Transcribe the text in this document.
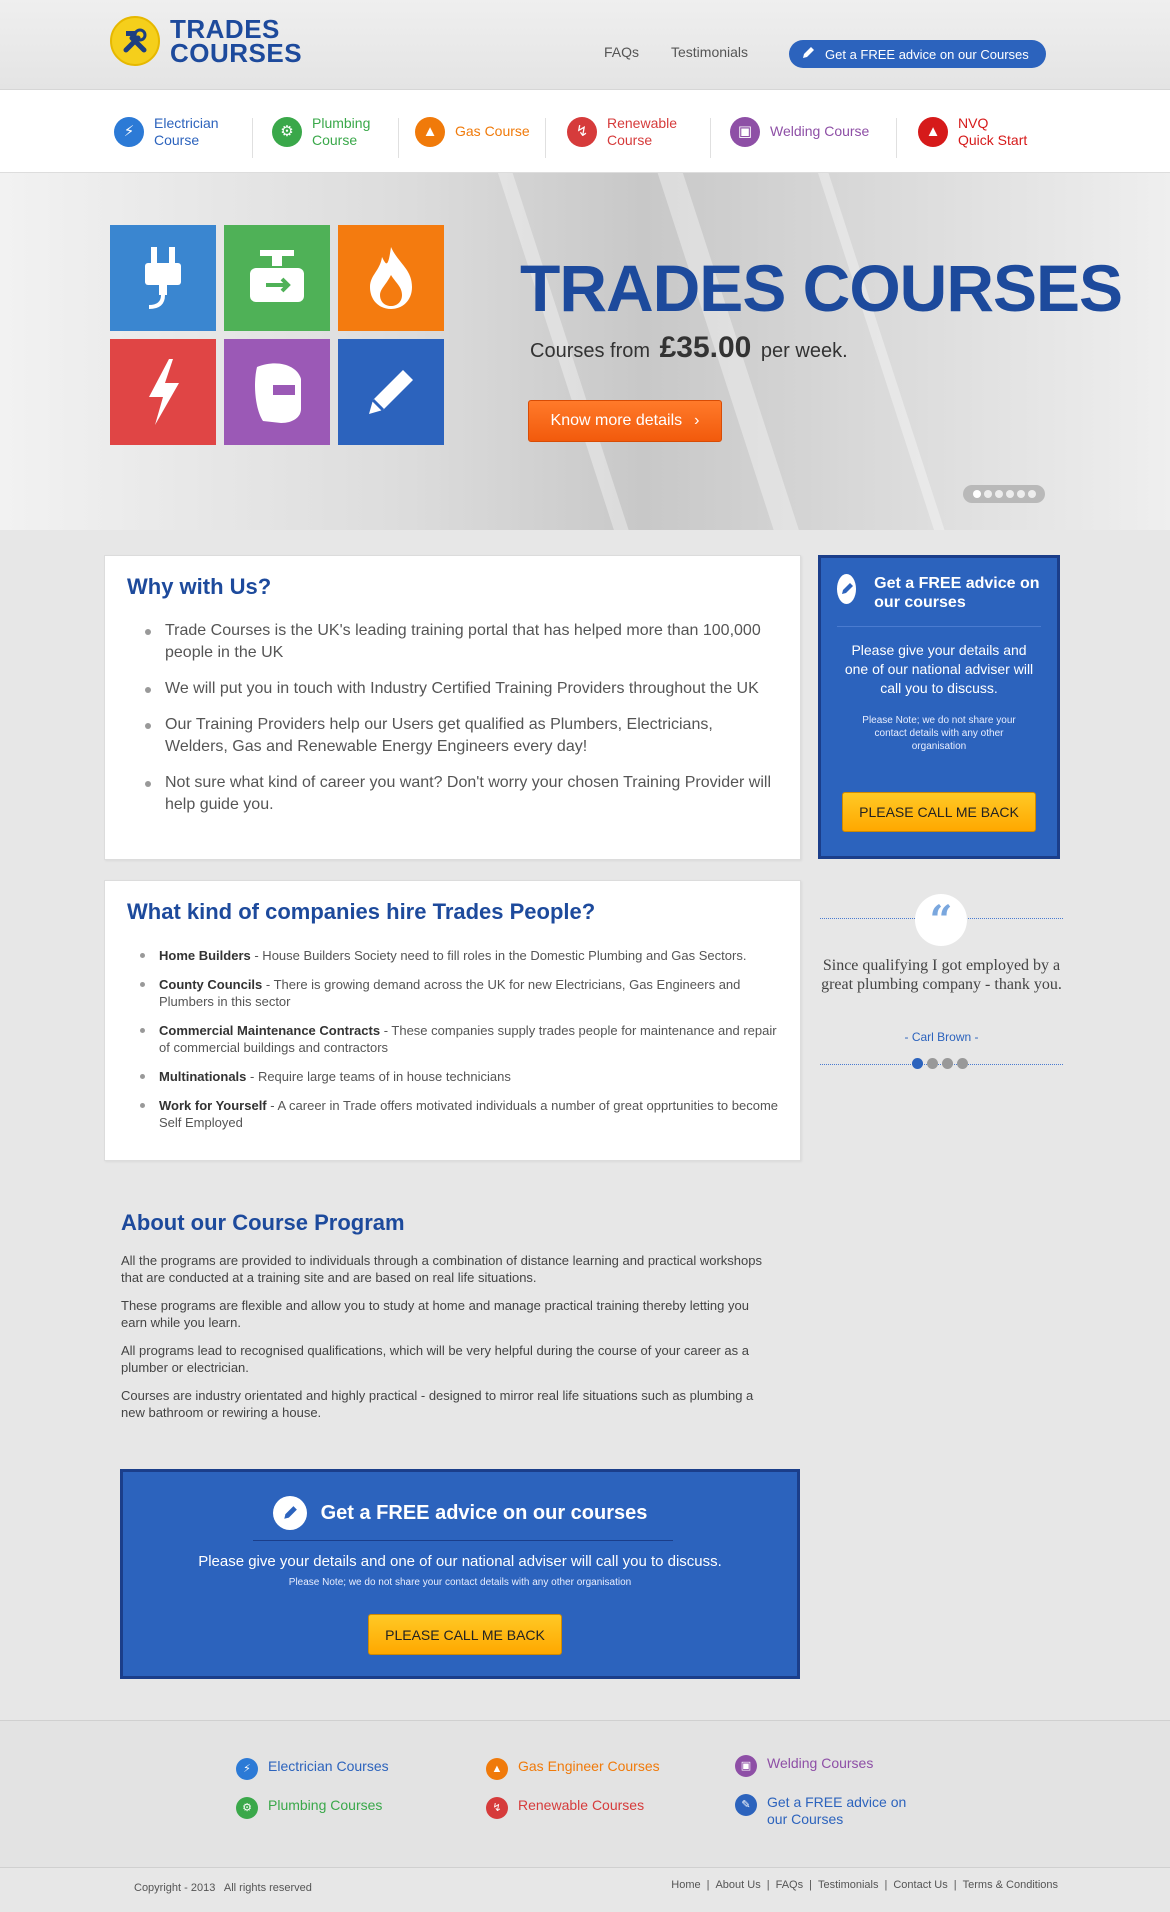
TRADES
COURSES	FAQs Testimonials	Get a FREE advice on our Courses
⚡
Electrician
Course	⚙
Plumbing
Course	▲	Gas Course	↯
Renewable
Course	▣	Welding Course	▲
NVQ
Quick Start
TRADES COURSES
Courses from £35.00 per week.
Know more details ›
Why with Us?
Trade Courses is the UK's leading training portal that has helped more than 100,000 people in the UK
We will put you in touch with Industry Certified Training Providers throughout the UK
Our Training Providers help our Users get qualified as Plumbers, Electricians, Welders, Gas and Renewable Energy Engineers every day!
Not sure what kind of career you want? Don't worry your chosen Training Provider will help guide you.
What kind of companies hire Trades People?
Home Builders - House Builders Society need to fill roles in the Domestic Plumbing and Gas Sectors.
County Councils - There is growing demand across the UK for new Electricians, Gas Engineers and Plumbers in this sector
Commercial Maintenance Contracts - These companies supply trades people for maintenance and repair of commercial buildings and contractors
Multinationals - Require large teams of in house technicians
Work for Yourself - A career in Trade offers motivated individuals a number of great opprtunities to become Self Employed
Get a FREE advice on our courses
Please give your details and one of our national adviser will call you to discuss.
Please Note; we do not share your contact details with any other organisation
PLEASE CALL ME BACK
“
Since qualifying I got employed by a great plumbing company - thank you.
- Carl Brown -
About our Course Program

All the programs are provided to individuals through a combination of distance learning and practical workshops that are conducted at a training site and are based on real life situations.

These programs are flexible and allow you to study at home and manage practical training thereby letting you earn while you learn.

All programs lead to recognised qualifications, which will be very helpful during the course of your career as a plumber or electrician.

Courses are industry orientated and highly practical - designed to mirror real life situations such as plumbing a new bathroom or rewiring a house.

Get a FREE advice on our courses
Please give your details and one of our national adviser will call you to discuss.
Please Note; we do not share your contact details with any other organisation
PLEASE CALL ME BACK
⚡	Electrician Courses
⚙	Plumbing Courses
▲	Gas Engineer Courses
↯	Renewable Courses
▣	Welding Courses
✎	Get a FREE advice on
our Courses
Copyright - 2013   All rights reserved	Home | About Us | FAQs | Testimonials | Contact Us | Terms & Conditions
